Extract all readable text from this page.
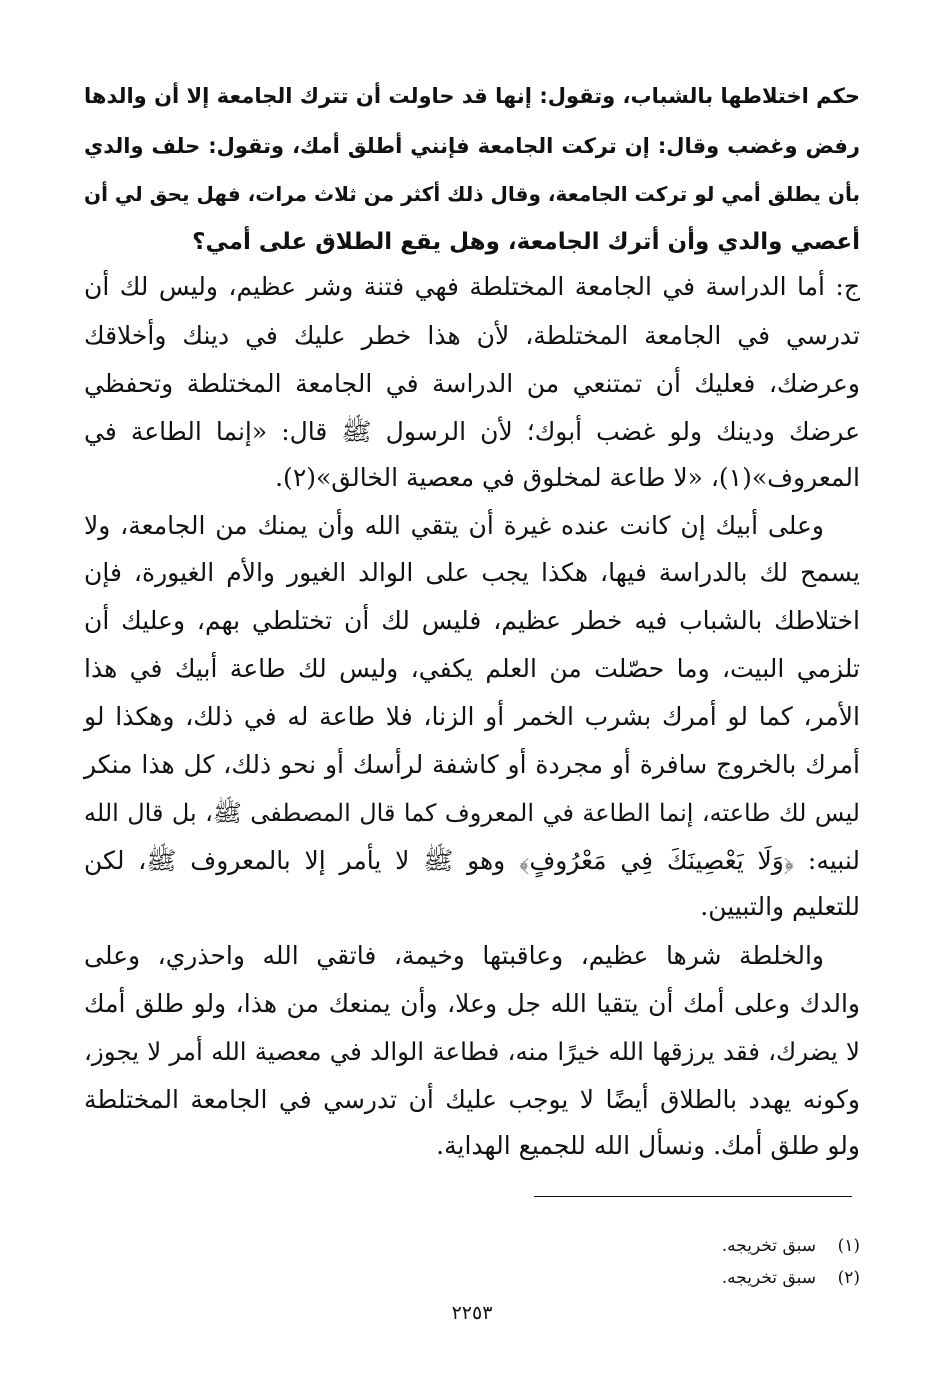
حكم اختلاطها بالشباب، وتقول: إنها قد حاولت أن تترك الجامعة إلا أن والدها
رفض وغضب وقال: إن تركت الجامعة فإنني أطلق أمك، وتقول: حلف والدي
بأن يطلق أمي لو تركت الجامعة، وقال ذلك أكثر من ثلاث مرات، فهل يحق لي أن
أعصي والدي وأن أترك الجامعة، وهل يقع الطلاق على أمي؟
ج: أما الدراسة في الجامعة المختلطة فهي فتنة وشر عظيم، وليس لك أن
تدرسي في الجامعة المختلطة، لأن هذا خطر عليك في دينك وأخلاقك
وعرضك، فعليك أن تمتنعي من الدراسة في الجامعة المختلطة وتحفظي
عرضك ودينك ولو غضب أبوك؛ لأن الرسول ﷺ قال: «إنما الطاعة في
المعروف»(١)، «لا طاعة لمخلوق في معصية الخالق»(٢).
وعلى أبيك إن كانت عنده غيرة أن يتقي الله وأن يمنك من الجامعة، ولا
يسمح لك بالدراسة فيها، هكذا يجب على الوالد الغيور والأم الغيورة، فإن
اختلاطك بالشباب فيه خطر عظيم، فليس لك أن تختلطي بهم، وعليك أن
تلزمي البيت، وما حصّلت من العلم يكفي، وليس لك طاعة أبيك في هذا
الأمر، كما لو أمرك بشرب الخمر أو الزنا، فلا طاعة له في ذلك، وهكذا لو
أمرك بالخروج سافرة أو مجردة أو كاشفة لرأسك أو نحو ذلك، كل هذا منكر
ليس لك طاعته، إنما الطاعة في المعروف كما قال المصطفى ﷺ، بل قال الله
لنبيه: ﴿وَلَا يَعْصِينَكَ فِي مَعْرُوفٍ﴾ وهو ﷺ لا يأمر إلا بالمعروف ﷺ، لكن
للتعليم والتبيين.
والخلطة شرها عظيم، وعاقبتها وخيمة، فاتقي الله واحذري، وعلى
والدك وعلى أمك أن يتقيا الله جل وعلا، وأن يمنعك من هذا، ولو طلق أمك
لا يضرك، فقد يرزقها الله خيرًا منه، فطاعة الوالد في معصية الله أمر لا يجوز،
وكونه يهدد بالطلاق أيضًا لا يوجب عليك أن تدرسي في الجامعة المختلطة
ولو طلق أمك. ونسأل الله للجميع الهداية.
(١)سبق تخريجه.
(٢)سبق تخريجه.
٢٢٥٣
